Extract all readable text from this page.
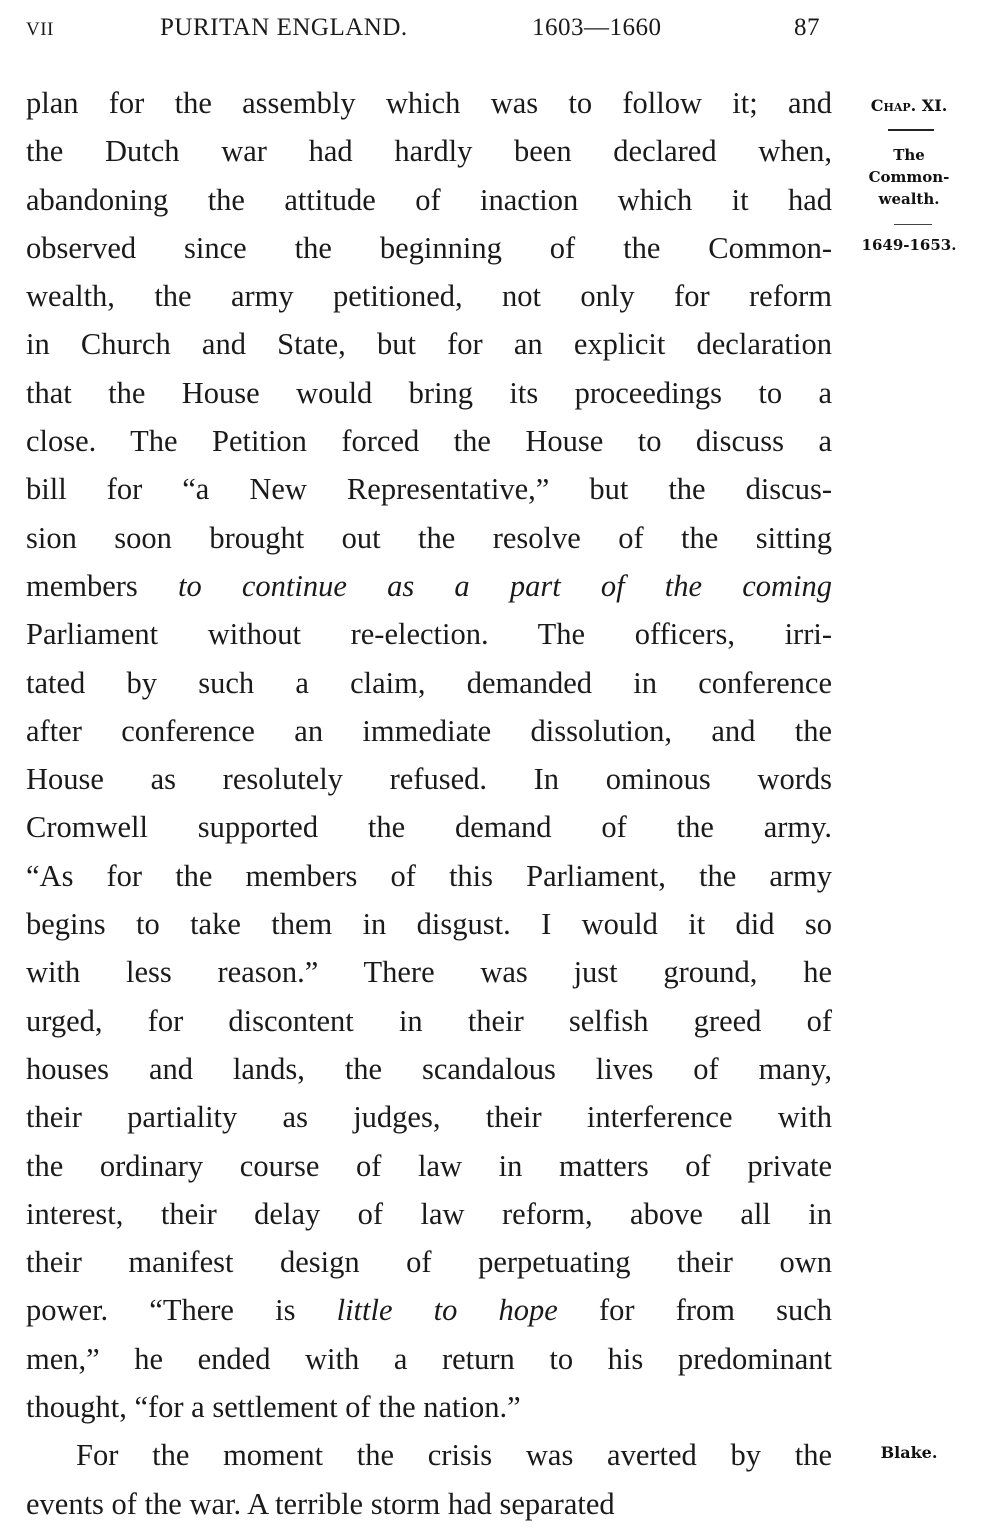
VII	PURITAN ENGLAND.	1603—1660	87
Chap. XI.
The
Common-
wealth.
1649-1653.
Blake.
plan for the assembly which was to follow it; and
the Dutch war had hardly been declared when,
abandoning the attitude of inaction which it had
observed since the beginning of the Common-
wealth, the army petitioned, not only for reform
in Church and State, but for an explicit declaration
that the House would bring its proceedings to a
close. The Petition forced the House to discuss a
bill for “a New Representative,” but the discus-
sion soon brought out the resolve of the sitting
members to continue as a part of the coming
Parliament without re-election. The officers, irri-
tated by such a claim, demanded in conference
after conference an immediate dissolution, and the
House as resolutely refused. In ominous words
Cromwell supported the demand of the army.
“As for the members of this Parliament, the army
begins to take them in disgust. I would it did so
with less reason.” There was just ground, he
urged, for discontent in their selfish greed of
houses and lands, the scandalous lives of many,
their partiality as judges, their interference with
the ordinary course of law in matters of private
interest, their delay of law reform, above all in
their manifest design of perpetuating their own
power. “There is little to hope for from such
men,” he ended with a return to his predominant
thought, “for a settlement of the nation.”
For the moment the crisis was averted by the
events of the war. A terrible storm had separated
